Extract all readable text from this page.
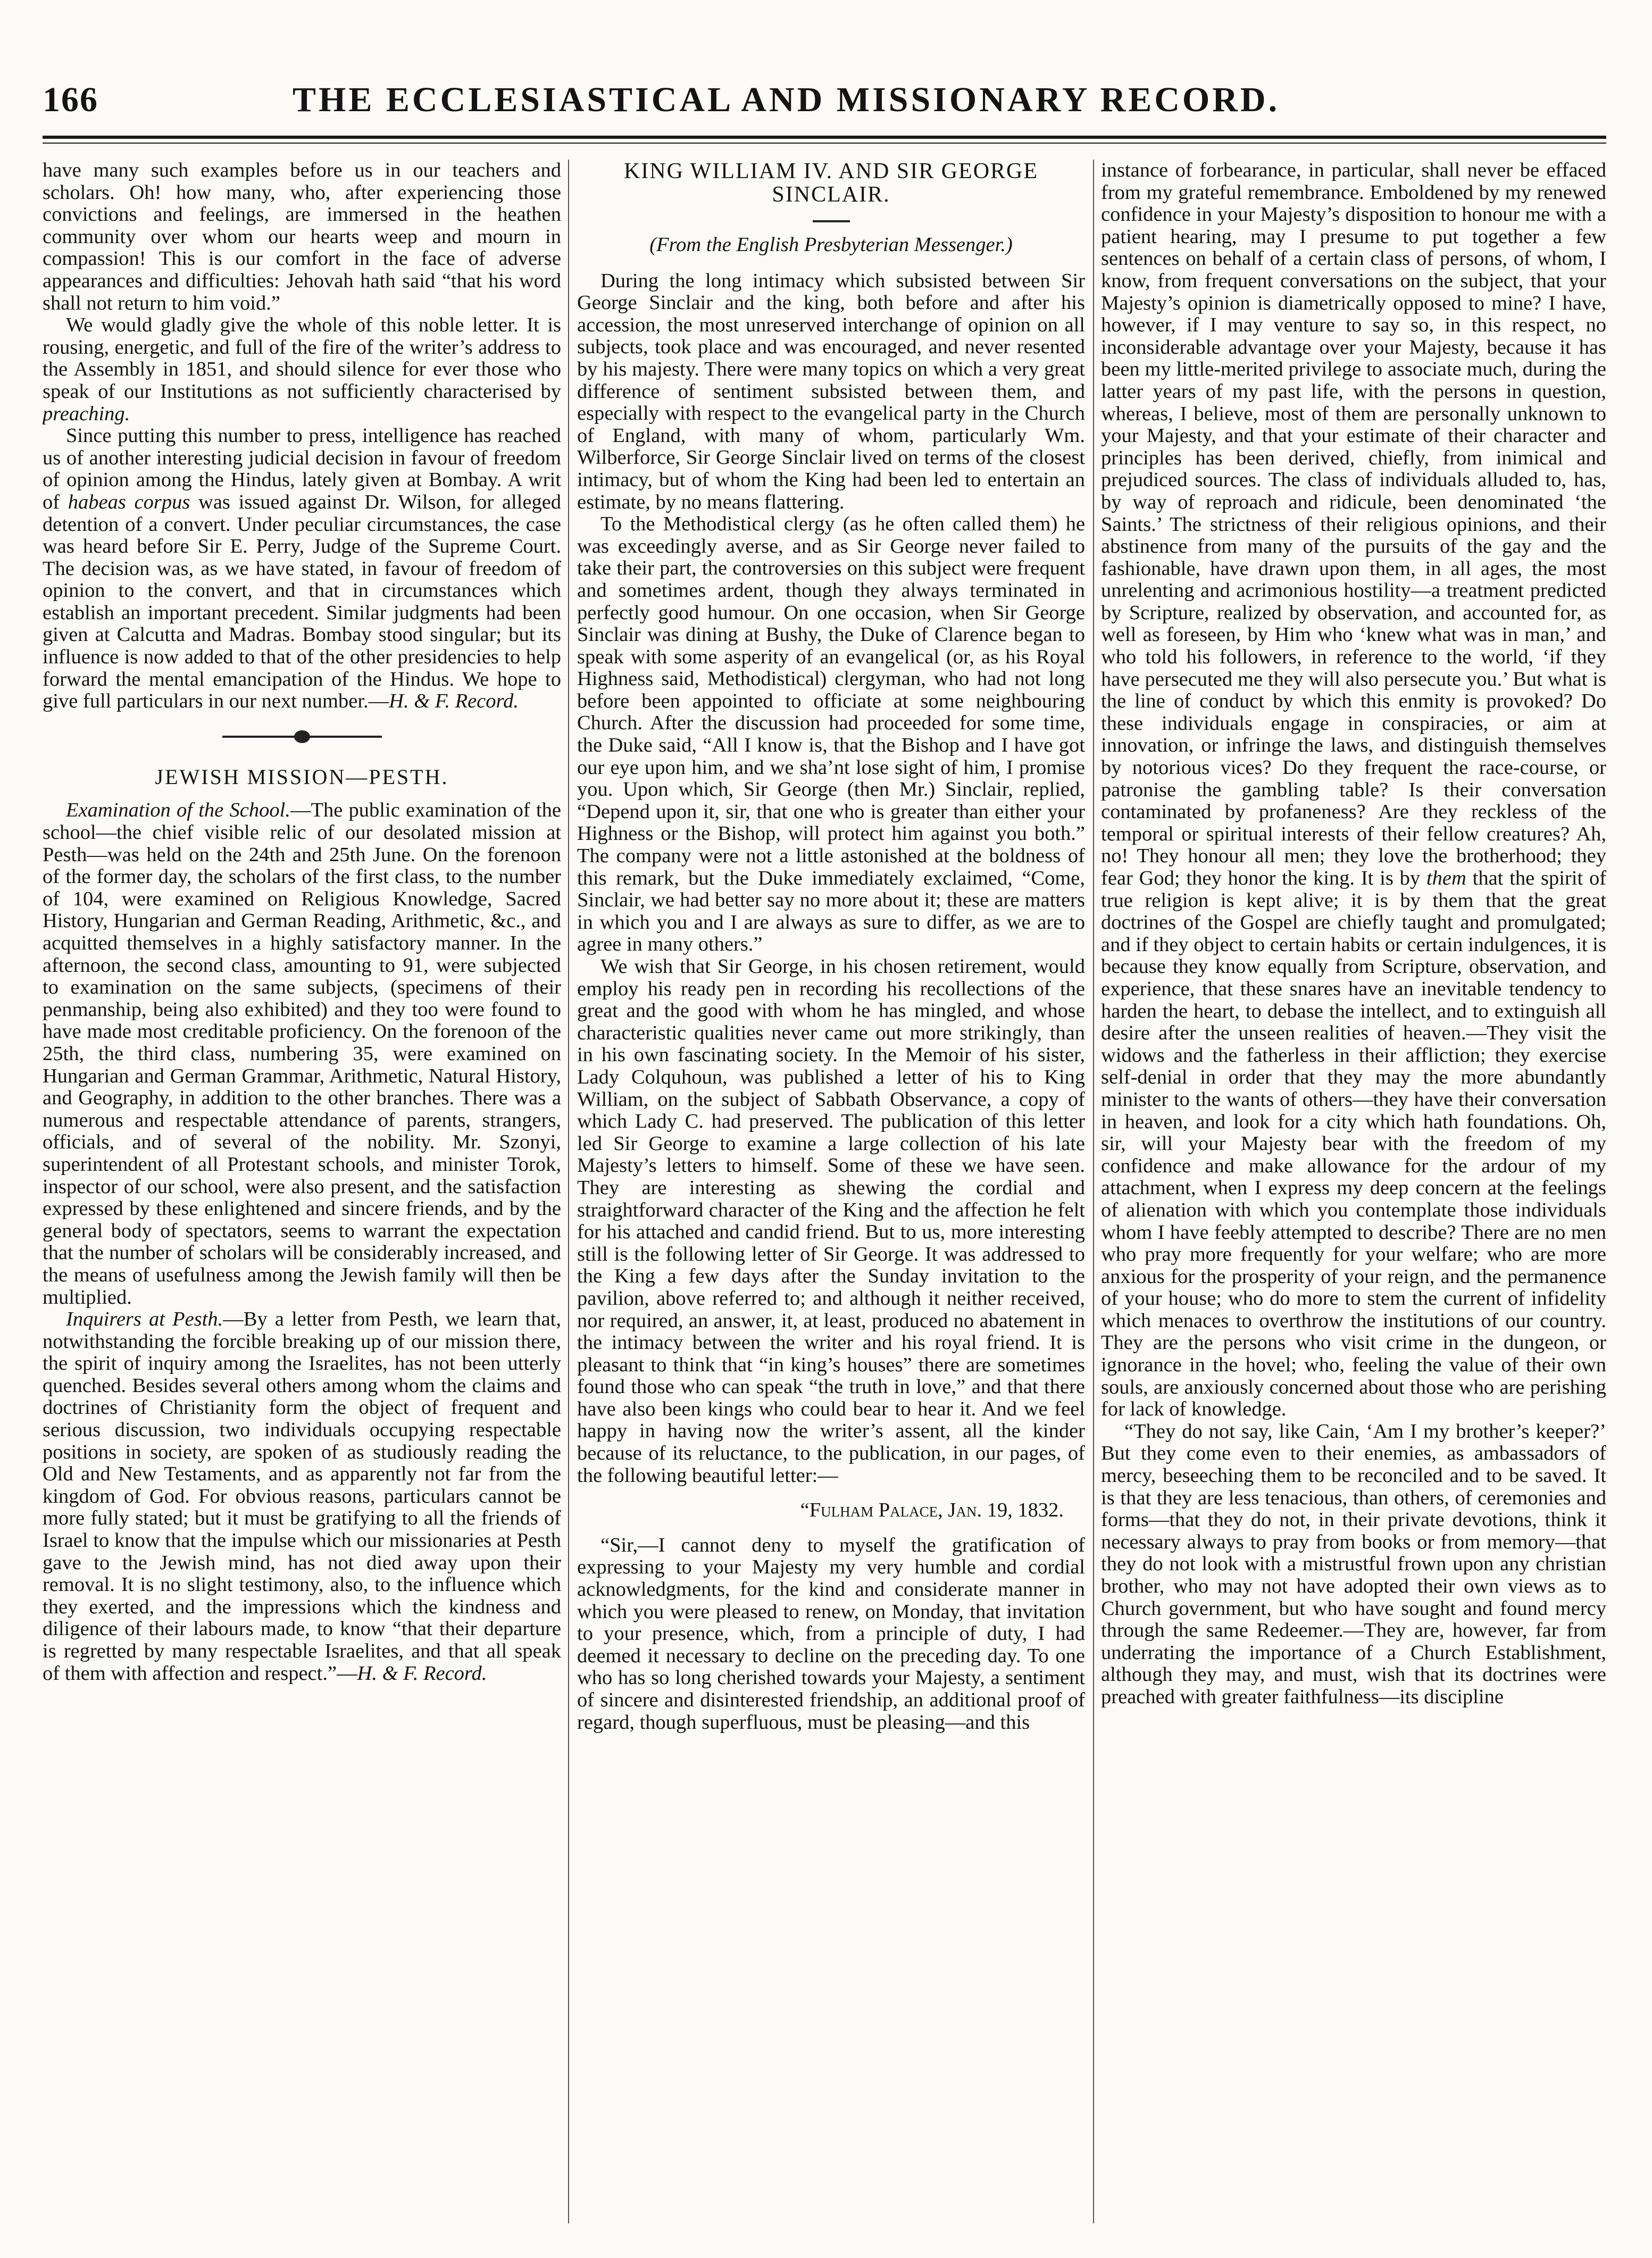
166	THE ECCLESIASTICAL AND MISSIONARY RECORD.

have many such examples before us in our teachers and scholars. Oh! how many, who, after experiencing those convictions and feelings, are immersed in the heathen community over whom our hearts weep and mourn in compassion! This is our comfort in the face of adverse appearances and difficulties: Jehovah hath said “that his word shall not return to him void.”

We would gladly give the whole of this noble letter. It is rousing, energetic, and full of the fire of the writer’s address to the Assembly in 1851, and should silence for ever those who speak of our Institutions as not sufficiently characterised by preaching.

Since putting this number to press, intelligence has reached us of another interesting judicial decision in favour of freedom of opinion among the Hindus, lately given at Bombay. A writ of habeas corpus was issued against Dr. Wilson, for alleged detention of a convert. Under peculiar circumstances, the case was heard before Sir E. Perry, Judge of the Supreme Court. The decision was, as we have stated, in favour of freedom of opinion to the convert, and that in circumstances which establish an important precedent. Similar judgments had been given at Calcutta and Madras. Bombay stood singular; but its influence is now added to that of the other presidencies to help forward the mental emancipation of the Hindus. We hope to give full particulars in our next number.—H. & F. Record.

JEWISH MISSION—PESTH.

Examination of the School.—The public examination of the school—the chief visible relic of our desolated mission at Pesth—was held on the 24th and 25th June. On the forenoon of the former day, the scholars of the first class, to the number of 104, were examined on Religious Knowledge, Sacred History, Hungarian and German Reading, Arithmetic, &c., and acquitted themselves in a highly satisfactory manner. In the afternoon, the second class, amounting to 91, were subjected to examination on the same subjects, (specimens of their penmanship, being also exhibited) and they too were found to have made most creditable proficiency. On the forenoon of the 25th, the third class, numbering 35, were examined on Hungarian and German Grammar, Arithmetic, Natural History, and Geography, in addition to the other branches. There was a numerous and respectable attendance of parents, strangers, officials, and of several of the nobility. Mr. Szonyi, superintendent of all Protestant schools, and minister Torok, inspector of our school, were also present, and the satisfaction expressed by these enlightened and sincere friends, and by the general body of spectators, seems to warrant the expectation that the number of scholars will be considerably increased, and the means of usefulness among the Jewish family will then be multiplied.

Inquirers at Pesth.—By a letter from Pesth, we learn that, notwithstanding the forcible breaking up of our mission there, the spirit of inquiry among the Israelites, has not been utterly quenched. Besides several others among whom the claims and doctrines of Christianity form the object of frequent and serious discussion, two individuals occupying respectable positions in society, are spoken of as studiously reading the Old and New Testaments, and as apparently not far from the kingdom of God. For obvious reasons, particulars cannot be more fully stated; but it must be gratifying to all the friends of Israel to know that the impulse which our missionaries at Pesth gave to the Jewish mind, has not died away upon their removal. It is no slight testimony, also, to the influence which they exerted, and the impressions which the kindness and diligence of their labours made, to know “that their departure is regretted by many respectable Israelites, and that all speak of them with affection and respect.”—H. & F. Record.

KING WILLIAM IV. AND SIR GEORGE SINCLAIR.
(From the English Presbyterian Messenger.)

During the long intimacy which subsisted between Sir George Sinclair and the king, both before and after his accession, the most unreserved interchange of opinion on all subjects, took place and was encouraged, and never resented by his majesty. There were many topics on which a very great difference of sentiment subsisted between them, and especially with respect to the evangelical party in the Church of England, with many of whom, particularly Wm. Wilberforce, Sir George Sinclair lived on terms of the closest intimacy, but of whom the King had been led to entertain an estimate, by no means flattering.

To the Methodistical clergy (as he often called them) he was exceedingly averse, and as Sir George never failed to take their part, the controversies on this subject were frequent and sometimes ardent, though they always terminated in perfectly good humour. On one occasion, when Sir George Sinclair was dining at Bushy, the Duke of Clarence began to speak with some asperity of an evangelical (or, as his Royal Highness said, Methodistical) clergyman, who had not long before been appointed to officiate at some neighbouring Church. After the discussion had proceeded for some time, the Duke said, “All I know is, that the Bishop and I have got our eye upon him, and we sha’nt lose sight of him, I promise you. Upon which, Sir George (then Mr.) Sinclair, replied, “Depend upon it, sir, that one who is greater than either your Highness or the Bishop, will protect him against you both.” The company were not a little astonished at the boldness of this remark, but the Duke immediately exclaimed, “Come, Sinclair, we had better say no more about it; these are matters in which you and I are always as sure to differ, as we are to agree in many others.”

We wish that Sir George, in his chosen retirement, would employ his ready pen in recording his recollections of the great and the good with whom he has mingled, and whose characteristic qualities never came out more strikingly, than in his own fascinating society. In the Memoir of his sister, Lady Colquhoun, was published a letter of his to King William, on the subject of Sabbath Observance, a copy of which Lady C. had preserved. The publication of this letter led Sir George to examine a large collection of his late Majesty’s letters to himself. Some of these we have seen. They are interesting as shewing the cordial and straightforward character of the King and the affection he felt for his attached and candid friend. But to us, more interesting still is the following letter of Sir George. It was addressed to the King a few days after the Sunday invitation to the pavilion, above referred to; and although it neither received, nor required, an answer, it, at least, produced no abatement in the intimacy between the writer and his royal friend. It is pleasant to think that “in king’s houses” there are sometimes found those who can speak “the truth in love,” and that there have also been kings who could bear to hear it. And we feel happy in having now the writer’s assent, all the kinder because of its reluctance, to the publication, in our pages, of the following beautiful letter:—

“Fulham Palace, Jan. 19, 1832.

“Sir,—I cannot deny to myself the gratification of expressing to your Majesty my very humble and cordial acknowledgments, for the kind and considerate manner in which you were pleased to renew, on Monday, that invitation to your presence, which, from a principle of duty, I had deemed it necessary to decline on the preceding day. To one who has so long cherished towards your Majesty, a sentiment of sincere and disinterested friendship, an additional proof of regard, though superfluous, must be pleasing—and this

instance of forbearance, in particular, shall never be effaced from my grateful remembrance. Emboldened by my renewed confidence in your Majesty’s disposition to honour me with a patient hearing, may I presume to put together a few sentences on behalf of a certain class of persons, of whom, I know, from frequent conversations on the subject, that your Majesty’s opinion is diametrically opposed to mine? I have, however, if I may venture to say so, in this respect, no inconsiderable advantage over your Majesty, because it has been my little-merited privilege to associate much, during the latter years of my past life, with the persons in question, whereas, I believe, most of them are personally unknown to your Majesty, and that your estimate of their character and principles has been derived, chiefly, from inimical and prejudiced sources. The class of individuals alluded to, has, by way of reproach and ridicule, been denominated ‘the Saints.’ The strictness of their religious opinions, and their abstinence from many of the pursuits of the gay and the fashionable, have drawn upon them, in all ages, the most unrelenting and acrimonious hostility—a treatment predicted by Scripture, realized by observation, and accounted for, as well as foreseen, by Him who ‘knew what was in man,’ and who told his followers, in reference to the world, ‘if they have persecuted me they will also persecute you.’ But what is the line of conduct by which this enmity is provoked? Do these individuals engage in conspiracies, or aim at innovation, or infringe the laws, and distinguish themselves by notorious vices? Do they frequent the race-course, or patronise the gambling table? Is their conversation contaminated by profaneness? Are they reckless of the temporal or spiritual interests of their fellow creatures? Ah, no! They honour all men; they love the brotherhood; they fear God; they honor the king. It is by them that the spirit of true religion is kept alive; it is by them that the great doctrines of the Gospel are chiefly taught and promulgated; and if they object to certain habits or certain indulgences, it is because they know equally from Scripture, observation, and experience, that these snares have an inevitable tendency to harden the heart, to debase the intellect, and to extinguish all desire after the unseen realities of heaven.—They visit the widows and the fatherless in their affliction; they exercise self-denial in order that they may the more abundantly minister to the wants of others—they have their conversation in heaven, and look for a city which hath foundations. Oh, sir, will your Majesty bear with the freedom of my confidence and make allowance for the ardour of my attachment, when I express my deep concern at the feelings of alienation with which you contemplate those individuals whom I have feebly attempted to describe? There are no men who pray more frequently for your welfare; who are more anxious for the prosperity of your reign, and the permanence of your house; who do more to stem the current of infidelity which menaces to overthrow the institutions of our country. They are the persons who visit crime in the dungeon, or ignorance in the hovel; who, feeling the value of their own souls, are anxiously concerned about those who are perishing for lack of knowledge.

“They do not say, like Cain, ‘Am I my brother’s keeper?’ But they come even to their enemies, as ambassadors of mercy, beseeching them to be reconciled and to be saved. It is that they are less tenacious, than others, of ceremonies and forms—that they do not, in their private devotions, think it necessary always to pray from books or from memory—that they do not look with a mistrustful frown upon any christian brother, who may not have adopted their own views as to Church government, but who have sought and found mercy through the same Redeemer.—They are, however, far from underrating the importance of a Church Establishment, although they may, and must, wish that its doctrines were preached with greater faithfulness—its discipline
